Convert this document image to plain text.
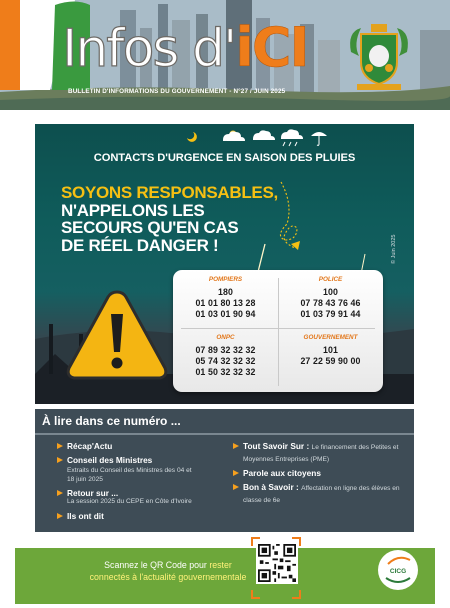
Infos d'iCI
BULLETIN D'INFORMATIONS DU GOUVERNEMENT - N°27 / JUIN 2025
CONTACTS D'URGENCE EN SAISON DES PLUIES
SOYONS RESPONSABLES,
N'APPELONS LES
SECOURS QU'EN CAS
DE RÉEL DANGER !	© Juin 2025
POMPIERS
180
01 01 80 13 28
01 03 01 90 94
POLICE
100
07 78 43 76 46
01 03 79 91 44
ONPC
07 89 32 32 32
05 74 32 32 32
01 50 32 32 32
GOUVERNEMENT
101
27 22 59 90 00
À lire dans ce numéro ...
Récap'Actu
Conseil des Ministres
Extraits du Conseil des Ministres des 04 et 18 juin 2025
Retour sur ...
La session 2025 du CEPE en Côte d'Ivoire
Ils ont dit
Tout Savoir Sur : Le financement des Petites et Moyennes Entreprises (PME)
Parole aux citoyens
Bon à Savoir : Affectation en ligne des élèves en classe de 6e
Scannez le QR Code pour rester connectés à l'actualité gouvernementale	CICG
